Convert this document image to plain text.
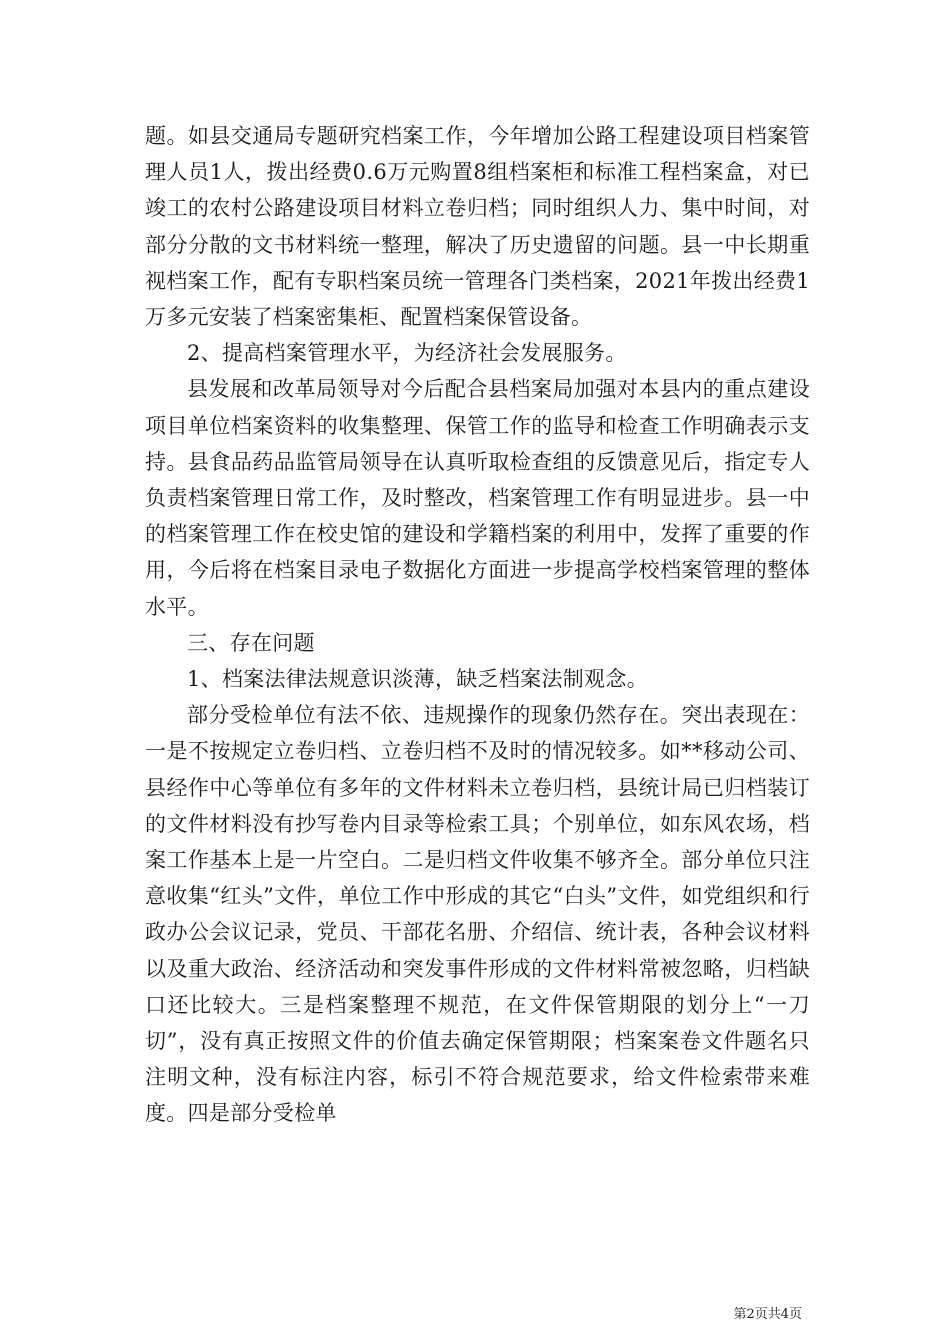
题。如县交通局专题研究档案工作，今年增加公路工程建设项目档案管理人员1人，拨出经费0.6万元购置8组档案柜和标准工程档案盒，对已竣工的农村公路建设项目材料立卷归档；同时组织人力、集中时间，对部分分散的文书材料统一整理，解决了历史遗留的问题。县一中长期重视档案工作，配有专职档案员统一管理各门类档案，2021年拨出经费1万多元安装了档案密集柜、配置档案保管设备。

2、提高档案管理水平，为经济社会发展服务。

县发展和改革局领导对今后配合县档案局加强对本县内的重点建设项目单位档案资料的收集整理、保管工作的监导和检查工作明确表示支持。县食品药品监管局领导在认真听取检查组的反馈意见后，指定专人负责档案管理日常工作，及时整改，档案管理工作有明显进步。县一中的档案管理工作在校史馆的建设和学籍档案的利用中，发挥了重要的作用，今后将在档案目录电子数据化方面进一步提高学校档案管理的整体水平。

三、存在问题

1、档案法律法规意识淡薄，缺乏档案法制观念。

部分受检单位有法不依、违规操作的现象仍然存在。突出表现在：一是不按规定立卷归档、立卷归档不及时的情况较多。如**移动公司、县经作中心等单位有多年的文件材料未立卷归档，县统计局已归档装订的文件材料没有抄写卷内目录等检索工具；个别单位，如东风农场，档案工作基本上是一片空白。二是归档文件收集不够齐全。部分单位只注意收集“红头”文件，单位工作中形成的其它“白头”文件，如党组织和行政办公会议记录，党员、干部花名册、介绍信、统计表，各种会议材料以及重大政治、经济活动和突发事件形成的文件材料常被忽略，归档缺口还比较大。三是档案整理不规范，在文件保管期限的划分上“一刀切”，没有真正按照文件的价值去确定保管期限；档案案卷文件题名只注明文种，没有标注内容，标引不符合规范要求，给文件检索带来难度。四是部分受检单

第2页共4页
